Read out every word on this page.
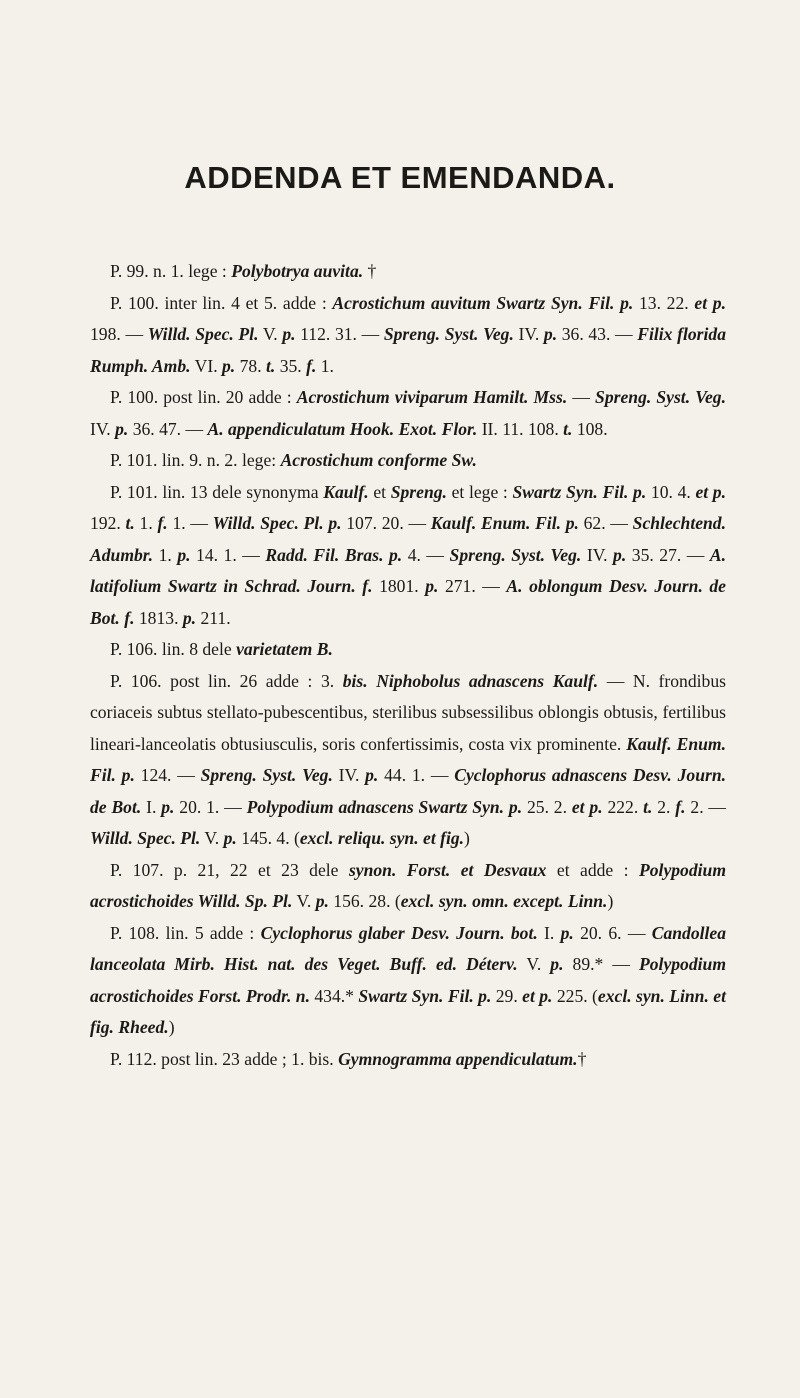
ADDENDA ET EMENDANDA.

P. 99. n. 1. lege : Polybotrya auvita. †

P. 100. inter lin. 4 et 5. adde : Acrostichum auvitum Swartz Syn. Fil. p. 13. 22. et p. 198. — Willd. Spec. Pl. V. p. 112. 31. — Spreng. Syst. Veg. IV. p. 36. 43. — Filix florida Rumph. Amb. VI. p. 78. t. 35. f. 1.

P. 100. post lin. 20 adde : Acrostichum viviparum Hamilt. Mss. — Spreng. Syst. Veg. IV. p. 36. 47. — A. appendiculatum Hook. Exot. Flor. II. 11. 108. t. 108.

P. 101. lin. 9. n. 2. lege: Acrostichum conforme Sw.

P. 101. lin. 13 dele synonyma Kaulf. et Spreng. et lege : Swartz Syn. Fil. p. 10. 4. et p. 192. t. 1. f. 1. — Willd. Spec. Pl. p. 107. 20. — Kaulf. Enum. Fil. p. 62. — Schlechtend. Adumbr. 1. p. 14. 1. — Radd. Fil. Bras. p. 4. — Spreng. Syst. Veg. IV. p. 35. 27. — A. latifolium Swartz in Schrad. Journ. f. 1801. p. 271. — A. oblongum Desv. Journ. de Bot. f. 1813. p. 211.

P. 106. lin. 8 dele varietatem B.

P. 106. post lin. 26 adde : 3. bis. Niphobolus adnascens Kaulf. — N. frondibus coriaceis subtus stellato-pubescentibus, sterilibus subsessilibus oblongis obtusis, fertilibus lineari-lanceolatis obtusiusculis, soris confertissimis, costa vix prominente. Kaulf. Enum. Fil. p. 124. — Spreng. Syst. Veg. IV. p. 44. 1. — Cyclophorus adnascens Desv. Journ. de Bot. I. p. 20. 1. — Polypodium adnascens Swartz Syn. p. 25. 2. et p. 222. t. 2. f. 2. — Willd. Spec. Pl. V. p. 145. 4. (excl. reliqu. syn. et fig.)

P. 107. p. 21, 22 et 23 dele synon. Forst. et Desvaux et adde : Polypodium acrostichoides Willd. Sp. Pl. V. p. 156. 28. (excl. syn. omn. except. Linn.)

P. 108. lin. 5 adde : Cyclophorus glaber Desv. Journ. bot. I. p. 20. 6. — Candollea lanceolata Mirb. Hist. nat. des Veget. Buff. ed. Déterv. V. p. 89.* — Polypodium acrostichoides Forst. Prodr. n. 434.* Swartz Syn. Fil. p. 29. et p. 225. (excl. syn. Linn. et fig. Rheed.)

P. 112. post lin. 23 adde ; 1. bis. Gymnogramma appendiculatum.†
